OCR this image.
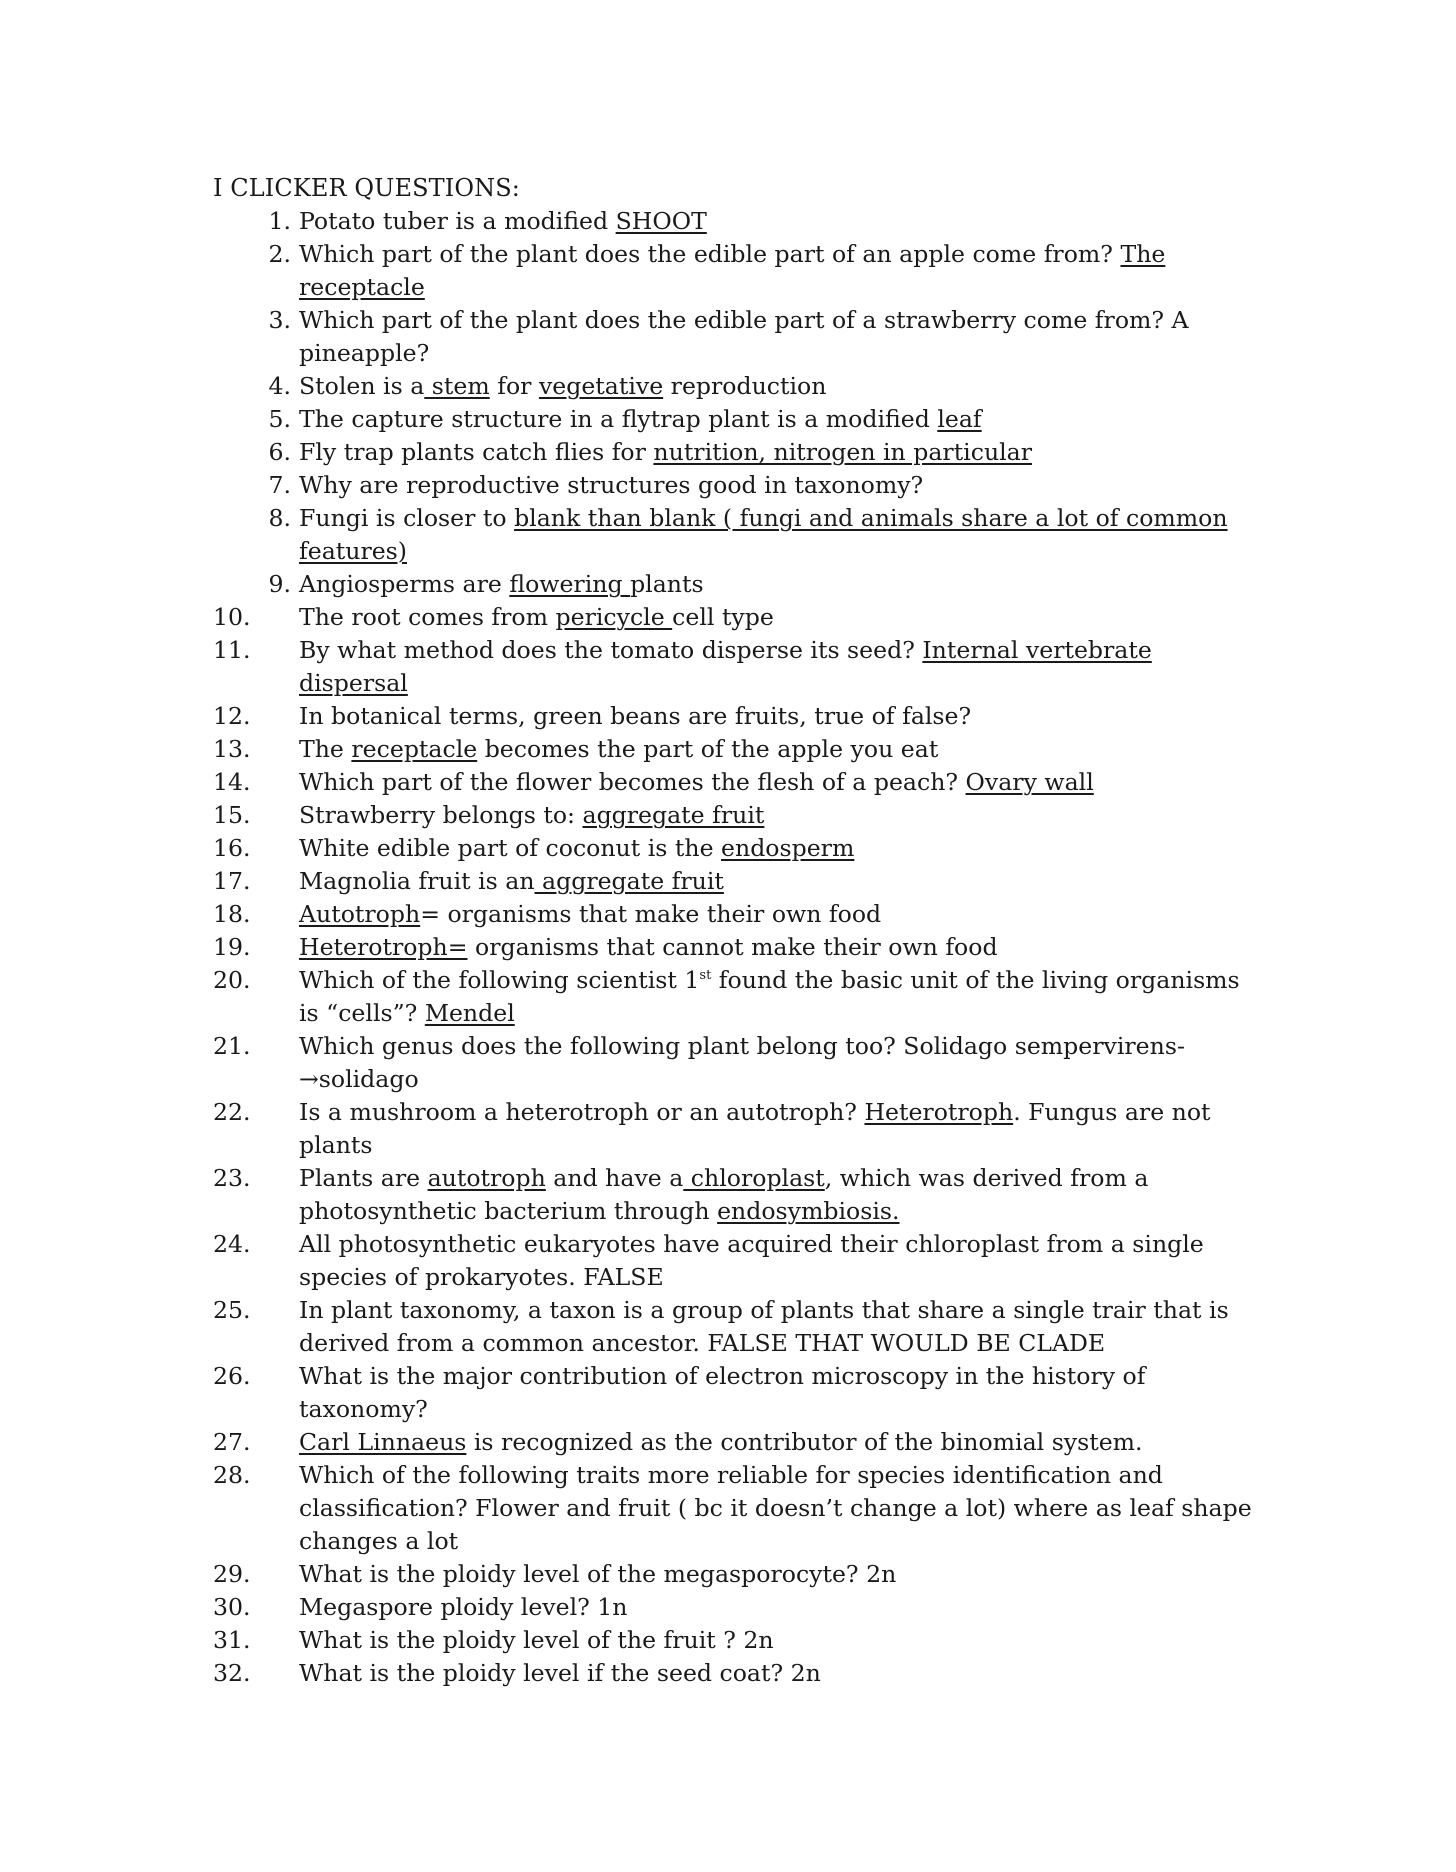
I CLICKER QUESTIONS:
1. Potato tuber is a modified SHOOT
2. Which part of the plant does the edible part of an apple come from? The receptacle
3. Which part of the plant does the edible part of a strawberry come from? A pineapple?
4. Stolen is a stem for vegetative reproduction
5. The capture structure in a flytrap plant is a modified leaf
6. Fly trap plants catch flies for nutrition, nitrogen in particular
7. Why are reproductive structures good in taxonomy?
8. Fungi is closer to blank than blank ( fungi and animals share a lot of common features)
9. Angiosperms are flowering plants
10.	The root comes from pericycle cell type
11.	By what method does the tomato disperse its seed? Internal vertebrate dispersal
12.	In botanical terms, green beans are fruits, true of false?
13.	The receptacle becomes the part of the apple you eat
14.	Which part of the flower becomes the flesh of a peach? Ovary wall
15.	Strawberry belongs to: aggregate fruit
16.	White edible part of coconut is the endosperm
17.	Magnolia fruit is an aggregate fruit
18.	Autotroph= organisms that make their own food
19.	Heterotroph= organisms that cannot make their own food
20.	Which of the following scientist 1st found the basic unit of the living organisms is “cells”? Mendel
21.	Which genus does the following plant belong too? Solidago sempervirens-
→solidago
22.	Is a mushroom a heterotroph or an autotroph? Heterotroph. Fungus are not plants
23.	Plants are autotroph and have a chloroplast, which was derived from a photosynthetic bacterium through endosymbiosis.
24.	All photosynthetic eukaryotes have acquired their chloroplast from a single species of prokaryotes. FALSE
25.	In plant taxonomy, a taxon is a group of plants that share a single trair that is derived from a common ancestor. FALSE THAT WOULD BE CLADE
26.	What is the major contribution of electron microscopy in the history of taxonomy?
27.	Carl Linnaeus is recognized as the contributor of the binomial system.
28.	Which of the following traits more reliable for species identification and classification? Flower and fruit ( bc it doesn’t change a lot) where as leaf shape changes a lot
29.	What is the ploidy level of the megasporocyte? 2n
30.	Megaspore ploidy level? 1n
31.	What is the ploidy level of the fruit ? 2n
32.	What is the ploidy level if the seed coat? 2n
